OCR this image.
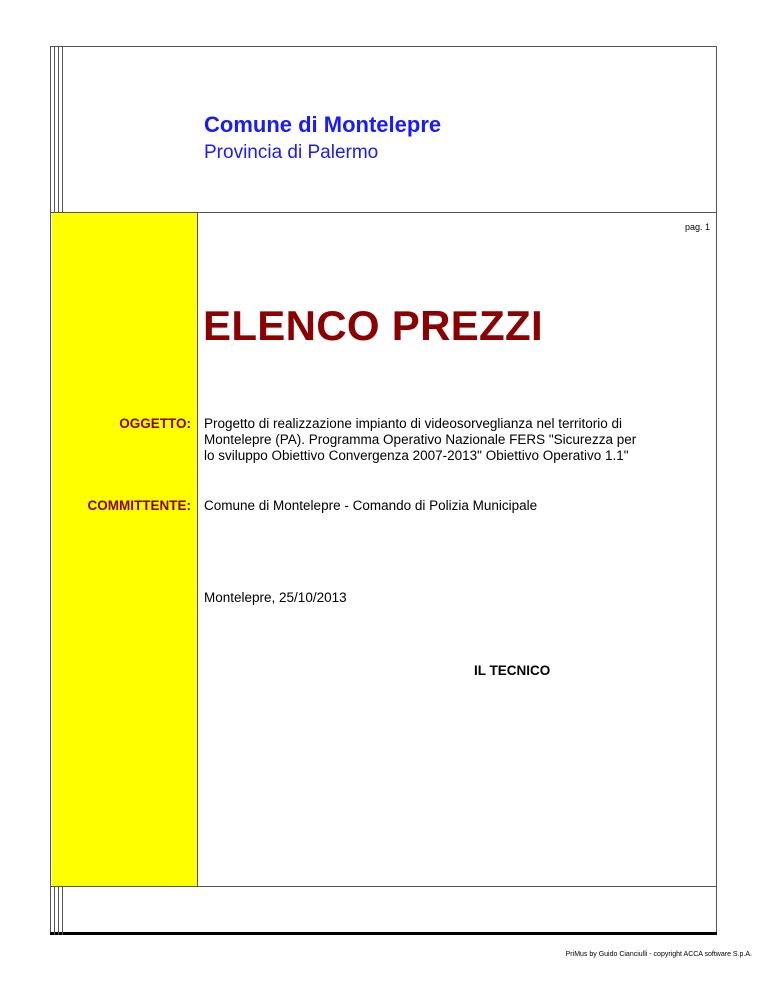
Comune di Montelepre
Provincia di Palermo
pag. 1
ELENCO PREZZI
OGGETTO: Progetto di realizzazione impianto di videosorveglianza nel territorio di
Montelepre (PA). Programma Operativo Nazionale FERS "Sicurezza per
lo sviluppo Obiettivo Convergenza 2007-2013" Obiettivo Operativo 1.1"
COMMITTENTE: Comune di Montelepre - Comando di Polizia Municipale
Montelepre, 25/10/2013
IL TECNICO
PriMus by Guido Cianciulli - copyright ACCA software S.p.A.
